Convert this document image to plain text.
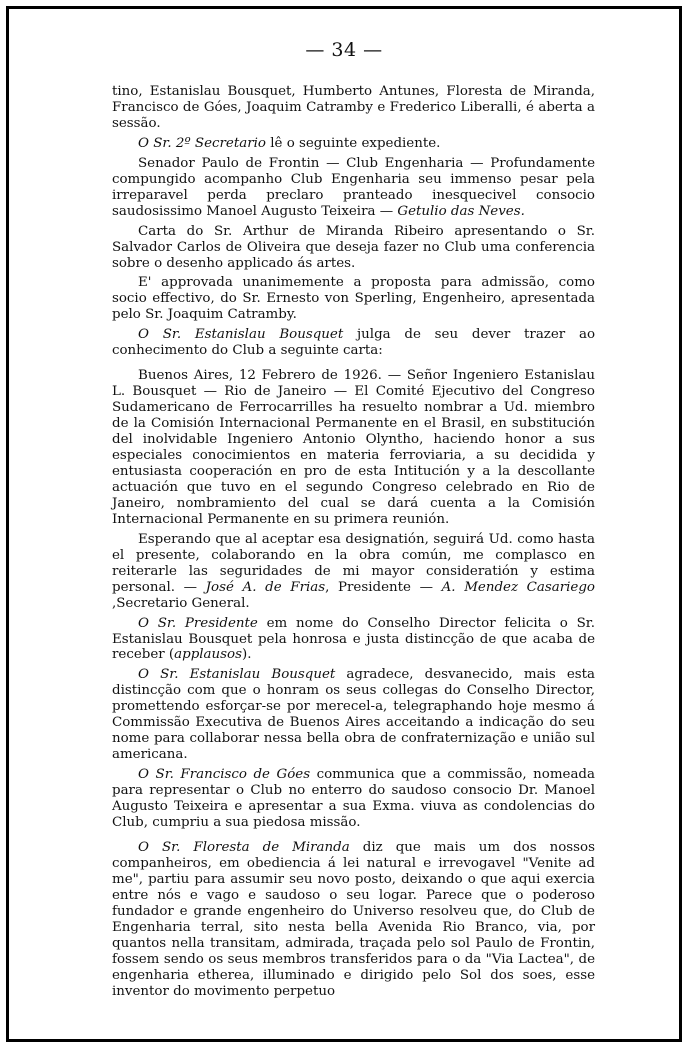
— 34 —

tino, Estanislau Bousquet, Humberto Antunes, Floresta de Miranda, Francisco de Góes, Joaquim Catramby e Frederico Liberalli, é aberta a sessão.

O Sr. 2º Secretario lê o seguinte expediente.

Senador Paulo de Frontin — Club Engenharia — Profundamente compungido acompanho Club Engenharia seu immenso pesar pela irreparavel perda preclaro pranteado inesquecivel consocio saudosissimo Manoel Augusto Teixeira — Getulio das Neves.

Carta do Sr. Arthur de Miranda Ribeiro apresentando o Sr. Salvador Carlos de Oliveira que deseja fazer no Club uma conferencia sobre o desenho applicado ás artes.

E' approvada unanimemente a proposta para admissão, como socio effectivo, do Sr. Ernesto von Sperling, Engenheiro, apresentada pelo Sr. Joaquim Catramby.

O Sr. Estanislau Bousquet julga de seu dever trazer ao conhecimento do Club a seguinte carta:

Buenos Aires, 12 Febrero de 1926. — Señor Ingeniero Estanislau L. Bousquet — Rio de Janeiro — El Comité Ejecutivo del Congreso Sudamericano de Ferrocarrilles ha resuelto nombrar a Ud. miembro de la Comisión Internacional Permanente en el Brasil, en substitución del inolvidable Ingeniero Antonio Olyntho, haciendo honor a sus especiales conocimientos en materia ferroviaria, a su decidida y entusiasta cooperación en pro de esta Intitución y a la descollante actuación que tuvo en el segundo Congreso celebrado en Rio de Janeiro, nombramiento del cual se dará cuenta a la Comisión Internacional Permanente en su primera reunión.

Esperando que al aceptar esa designatión, seguirá Ud. como hasta el presente, colaborando en la obra común, me complasco en reiterarle las seguridades de mi mayor consideratión y estima personal. — José A. de Frias, Presidente — A. Mendez Casariego ,Secretario General.

O Sr. Presidente em nome do Conselho Director felicita o Sr. Estanislau Bousquet pela honrosa e justa distincção de que acaba de receber (applausos).

O Sr. Estanislau Bousquet agradece, desvanecido, mais esta distincção com que o honram os seus collegas do Conselho Director, promettendo esforçar-se por merecel-a, telegraphando hoje mesmo á Commissão Executiva de Buenos Aires acceitando a indicação do seu nome para collaborar nessa bella obra de confraternização e união sul americana.

O Sr. Francisco de Góes communica que a commissão, nomeada para representar o Club no enterro do saudoso consocio Dr. Manoel Augusto Teixeira e apresentar a sua Exma. viuva as condolencias do Club, cumpriu a sua piedosa missão.

O Sr. Floresta de Miranda diz que mais um dos nossos companheiros, em obediencia á lei natural e irrevogavel "Venite ad me", partiu para assumir seu novo posto, deixando o que aqui exercia entre nós e vago e saudoso o seu logar. Parece que o poderoso fundador e grande engenheiro do Universo resolveu que, do Club de Engenharia terral, sito nesta bella Avenida Rio Branco, via, por quantos nella transitam, admirada, traçada pelo sol Paulo de Frontin, fossem sendo os seus membros transferidos para o da "Via Lactea", de engenharia etherea, illuminado e dirigido pelo Sol dos soes, esse inventor do movimento perpetuo
